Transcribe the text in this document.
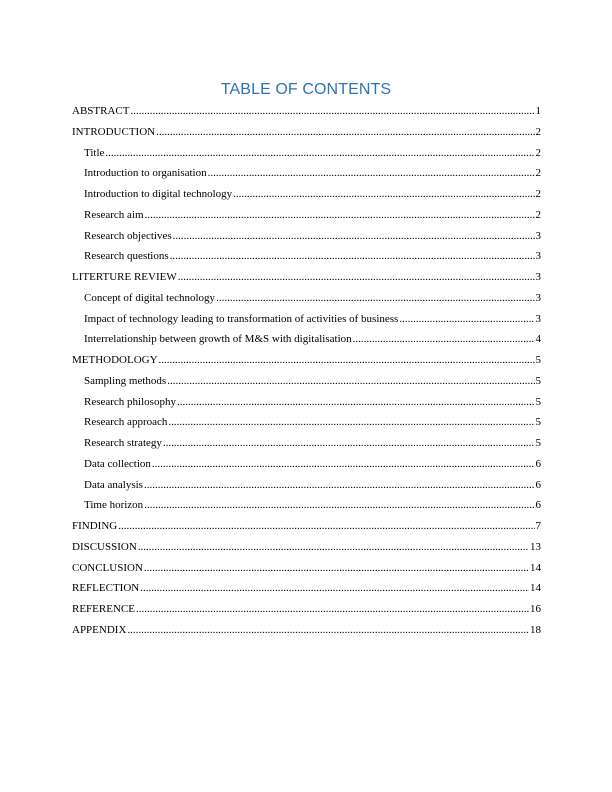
TABLE OF CONTENTS
ABSTRACT .....	1
INTRODUCTION .....	2
Title .....	2
Introduction to organisation .....	2
Introduction to digital technology .....	2
Research aim .....	2
Research objectives .....	3
Research questions .....	3
LITERTURE REVIEW .....	3
Concept of digital technology .....	3
Impact of technology leading to transformation of activities of business .....	3
Interrelationship between growth of M&S with digitalisation .....	4
METHODOLOGY .....	5
Sampling methods .....	5
Research philosophy .....	5
Research approach .....	5
Research strategy .....	5
Data collection .....	6
Data analysis .....	6
Time horizon .....	6
FINDING .....	7
DISCUSSION .....	13
CONCLUSION .....	14
REFLECTION .....	14
REFERENCE .....	16
APPENDIX .....	18
